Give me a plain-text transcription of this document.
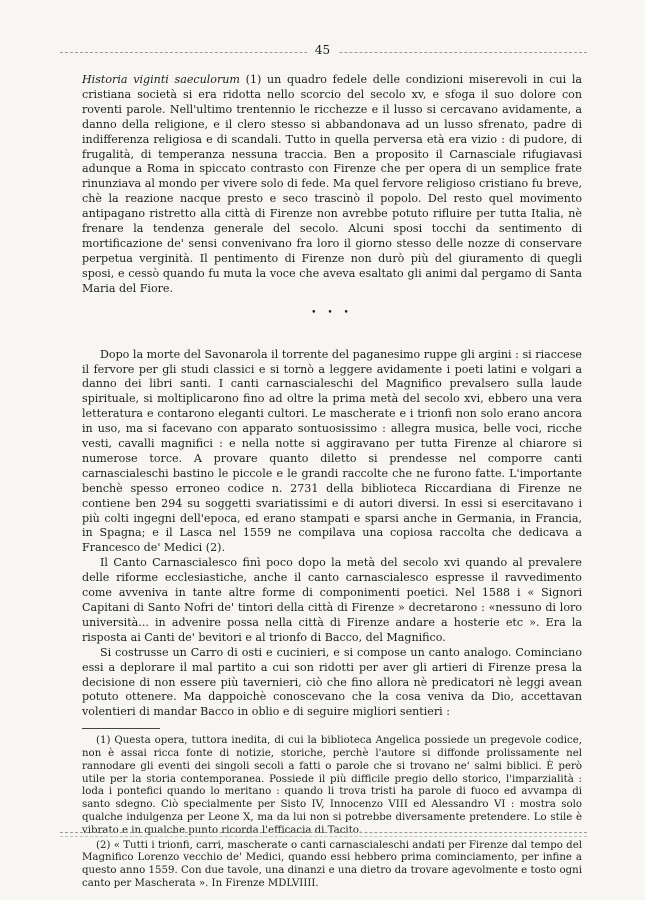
45

Historia viginti saeculorum (1) un quadro fedele delle condizioni miserevoli in cui la cristiana società si era ridotta nello scorcio del secolo xv, e sfoga il suo dolore con roventi parole. Nell'ultimo trentennio le ricchezze e il lusso si cercavano avidamente, a danno della religione, e il clero stesso si abbandonava ad un lusso sfrenato, padre di indifferenza religiosa e di scandali. Tutto in quella perversa età era vizio : di pudore, di frugalità, di temperanza nessuna traccia. Ben a proposito il Carnasciale rifugiavasi adunque a Roma in spiccato contrasto con Firenze che per opera di un semplice frate rinunziava al mondo per vivere solo di fede. Ma quel fervore religioso cristiano fu breve, chè la reazione nacque presto e seco trascinò il popolo. Del resto quel movimento antipagano ristretto alla città di Firenze non avrebbe potuto rifluire per tutta Italia, nè frenare la tendenza generale del secolo. Alcuni sposi tocchi da sentimento di mortificazione de' sensi convenivano fra loro il giorno stesso delle nozze di conservare perpetua verginità. Il pentimento di Firenze non durò più del giuramento di quegli sposi, e cessò quando fu muta la voce che aveva esaltato gli animi dal pergamo di Santa Maria del Fiore.

• • •

Dopo la morte del Savonarola il torrente del paganesimo ruppe gli argini : si riaccese il fervore per gli studi classici e si tornò a leggere avidamente i poeti latini e volgari a danno dei libri santi. I canti carnascialeschi del Magnifico prevalsero sulla laude spirituale, si moltiplicarono fino ad oltre la prima metà del secolo xvi, ebbero una vera letteratura e contarono eleganti cultori. Le mascherate e i trionfi non solo erano ancora in uso, ma si facevano con apparato sontuosissimo : allegra musica, belle voci, ricche vesti, cavalli magnifici : e nella notte si aggiravano per tutta Firenze al chiarore si numerose torce. A provare quanto diletto si prendesse nel comporre canti carnascialeschi bastino le piccole e le grandi raccolte che ne furono fatte. L'importante benchè spesso erroneo codice n. 2731 della biblioteca Riccardiana di Firenze ne contiene ben 294 su soggetti svariatissimi e di autori diversi. In essi si esercitavano i più colti ingegni dell'epoca, ed erano stampati e sparsi anche in Germania, in Francia, in Spagna; e il Lasca nel 1559 ne compilava una copiosa raccolta che dedicava a Francesco de' Medici (2).

Il Canto Carnascialesco finì poco dopo la metà del secolo xvi quando al prevalere delle riforme ecclesiastiche, anche il canto carnascialesco espresse il ravvedimento come avveniva in tante altre forme di componimenti poetici. Nel 1588 i « Signori Capitani di Santo Nofri de' tintori della città di Firenze » decretarono : «nessuno di loro università... in advenire possa nella città di Firenze andare a hosterie etc ». Era la risposta ai Canti de' bevitori e al trionfo di Bacco, del Magnifico.

Si costrusse un Carro di osti e cucinieri, e si compose un canto analogo. Cominciano essi a deplorare il mal partito a cui son ridotti per aver gli artieri di Firenze presa la decisione di non essere più tavernieri, ciò che fino allora nè predicatori nè leggi avean potuto ottenere. Ma dappoichè conoscevano che la cosa veniva da Dio, accettavan volentieri di mandar Bacco in oblio e di seguire migliori sentieri :

(1) Questa opera, tuttora inedita, di cui la biblioteca Angelica possiede un pregevole codice, non è assai ricca fonte di notizie, storiche, perchè l'autore si diffonde prolissamente nel rannodare gli eventi dei singoli secoli a fatti o parole che si trovano ne' salmi biblici. È però utile per la storia contemporanea. Possiede il più difficile pregio dello storico, l'imparzialità : loda i pontefici quando lo meritano : quando li trova tristi ha parole di fuoco ed avvampa di santo sdegno. Ciò specialmente per Sisto IV, Innocenzo VIII ed Alessandro VI : mostra solo qualche indulgenza per Leone X, ma da lui non si potrebbe diversamente pretendere. Lo stile è vibrato e in qualche punto ricorda l'efficacia di Tacito.

(2) « Tutti i trionfi, carri, mascherate o canti carnascialeschi andati per Firenze dal tempo del Magnifico Lorenzo vecchio de' Medici, quando essi hebbero prima cominciamento, per infine a questo anno 1559. Con due tavole, una dinanzi e una dietro da trovare agevolmente e tosto ogni canto per Mascherata ». In Firenze MDLVIIII.
